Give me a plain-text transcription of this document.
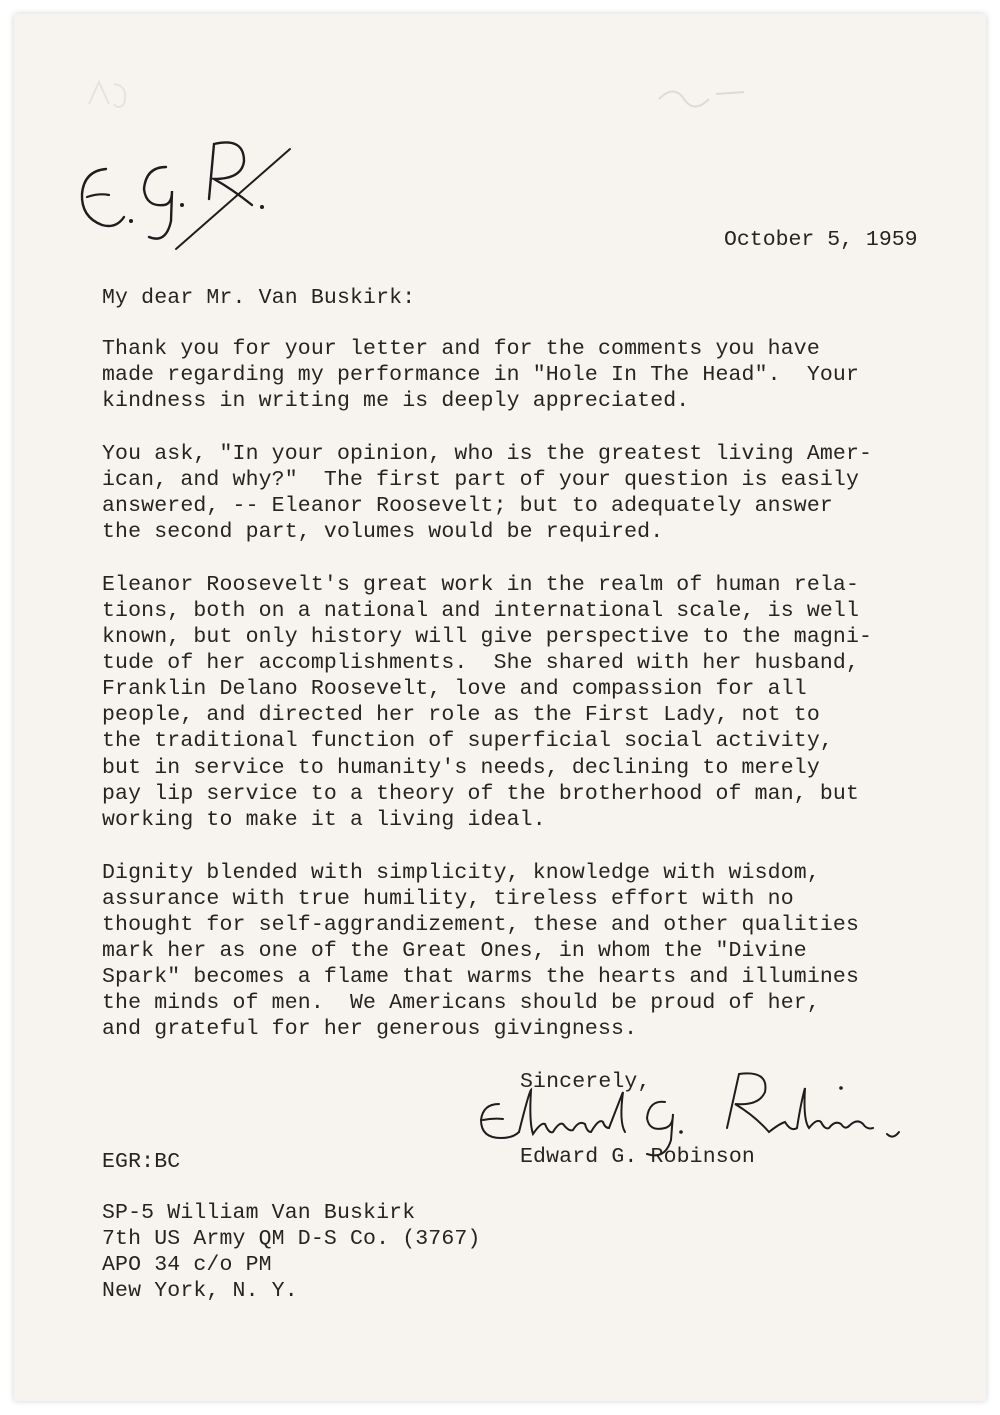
October 5, 1959

My dear Mr. Van Buskirk:

Thank you for your letter and for the comments you have

made regarding my performance in "Hole In The Head".  Your

kindness in writing me is deeply appreciated.

You ask, "In your opinion, who is the greatest living Amer-

ican, and why?"  The first part of your question is easily

answered, -- Eleanor Roosevelt; but to adequately answer

the second part, volumes would be required.

Eleanor Roosevelt's great work in the realm of human rela-

tions, both on a national and international scale, is well

known, but only history will give perspective to the magni-

tude of her accomplishments.  She shared with her husband,

Franklin Delano Roosevelt, love and compassion for all

people, and directed her role as the First Lady, not to

the traditional function of superficial social activity,

but in service to humanity's needs, declining to merely

pay lip service to a theory of the brotherhood of man, but

working to make it a living ideal.

Dignity blended with simplicity, knowledge with wisdom,

assurance with true humility, tireless effort with no

thought for self-aggrandizement, these and other qualities

mark her as one of the Great Ones, in whom the "Divine

Spark" becomes a flame that warms the hearts and illumines

the minds of men.  We Americans should be proud of her,

and grateful for her generous givingness.

Sincerely,

EGR:BC	Edward G. Robinson

SP-5 William Van Buskirk

7th US Army QM D-S Co. (3767)

APO 34 c/o PM

New York, N. Y.
